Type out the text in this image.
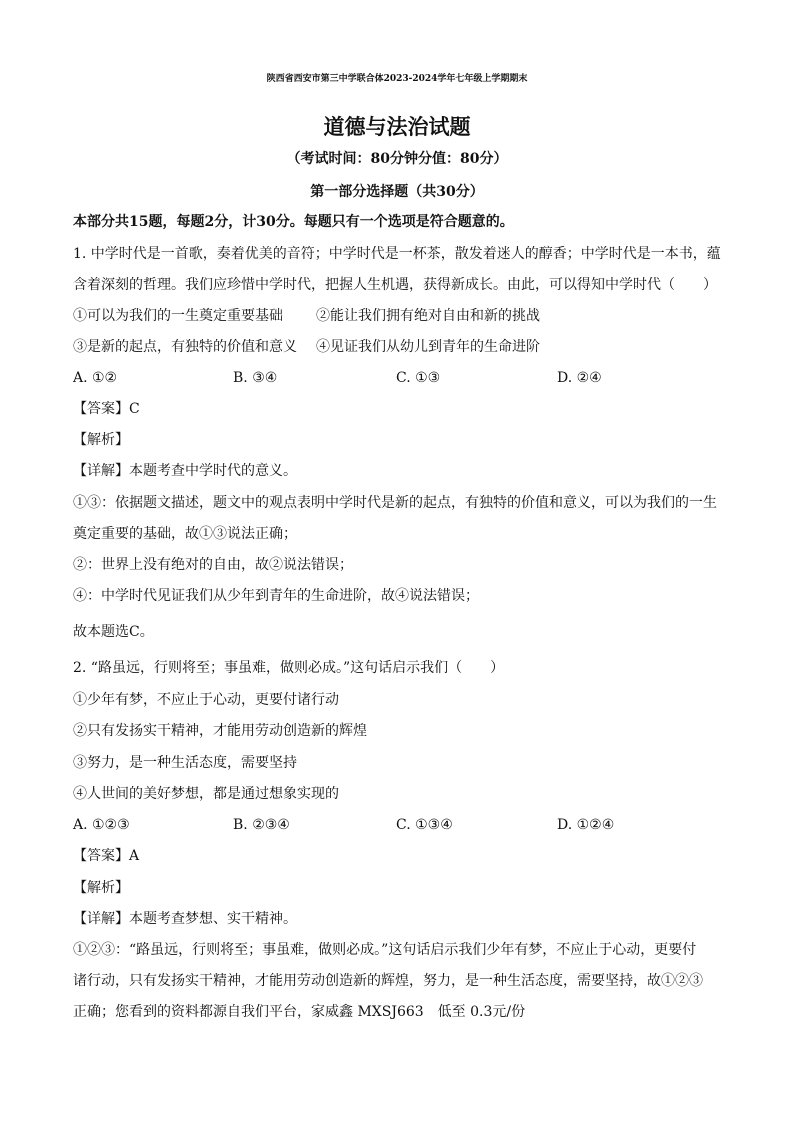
陕西省西安市第三中学联合体2023-2024学年七年级上学期期末
道德与法治试题
（考试时间：80分钟分值：80分）
第一部分选择题（共30分）
本部分共15题，每题2分，计30分。每题只有一个选项是符合题意的。
1. 中学时代是一首歌，奏着优美的音符；中学时代是一杯茶，散发着迷人的醇香；中学时代是一本书，蕴
含着深刻的哲理。我们应珍惜中学时代，把握人生机遇，获得新成长。由此，可以得知中学时代（　　）
①可以为我们的一生奠定重要基础 ②能让我们拥有绝对自由和新的挑战
③是新的起点，有独特的价值和意义 ④见证我们从幼儿到青年的生命进阶
A. ①②	B. ③④	C. ①③	D. ②④
【答案】C
【解析】
【详解】本题考查中学时代的意义。
①③：依据题文描述，题文中的观点表明中学时代是新的起点，有独特的价值和意义，可以为我们的一生
奠定重要的基础，故①③说法正确；
②：世界上没有绝对的自由，故②说法错误；
④：中学时代见证我们从少年到青年的生命进阶，故④说法错误；
故本题选C。
2. “路虽远，行则将至；事虽难，做则必成。”这句话启示我们（　　）
①少年有梦，不应止于心动，更要付诸行动
②只有发扬实干精神，才能用劳动创造新的辉煌
③努力，是一种生活态度，需要坚持
④人世间的美好梦想，都是通过想象实现的
A. ①②③	B. ②③④	C. ①③④	D. ①②④
【答案】A
【解析】
【详解】本题考查梦想、实干精神。
①②③：“路虽远，行则将至；事虽难，做则必成。”这句话启示我们少年有梦，不应止于心动，更要付
诸行动，只有发扬实干精神，才能用劳动创造新的辉煌，努力，是一种生活态度，需要坚持，故①②③
正确；您看到的资料都源自我们平台，家威鑫 MXSJ663　低至 0.3元/份
